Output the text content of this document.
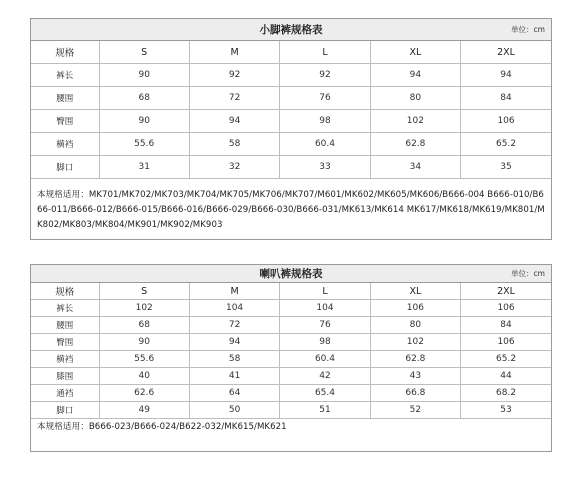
小脚裤规格表	单位：cm
规格	S	M	L	XL	2XL
裤长	90	92	92	94	94
腰围	68	72	76	80	84
臀围	90	94	98	102	106
横裆	55.6	58	60.4	62.8	65.2
脚口	31	32	33	34	35
本规格适用：MK701/MK702/MK703/MK704/MK705/MK706/MK707/M601/MK602/MK605/MK606/B666-004 B666-010/B666-011/B666-012/B666-015/B666-016/B666-029/B666-030/B666-031/MK613/MK614 MK617/MK618/MK619/MK801/MK802/MK803/MK804/MK901/MK902/MK903
喇叭裤规格表	单位：cm
规格	S	M	L	XL	2XL
裤长	102	104	104	106	106
腰围	68	72	76	80	84
臀围	90	94	98	102	106
横裆	55.6	58	60.4	62.8	65.2
膝围	40	41	42	43	44
通裆	62.6	64	65.4	66.8	68.2
脚口	49	50	51	52	53
本规格适用：B666-023/B666-024/B622-032/MK615/MK621
